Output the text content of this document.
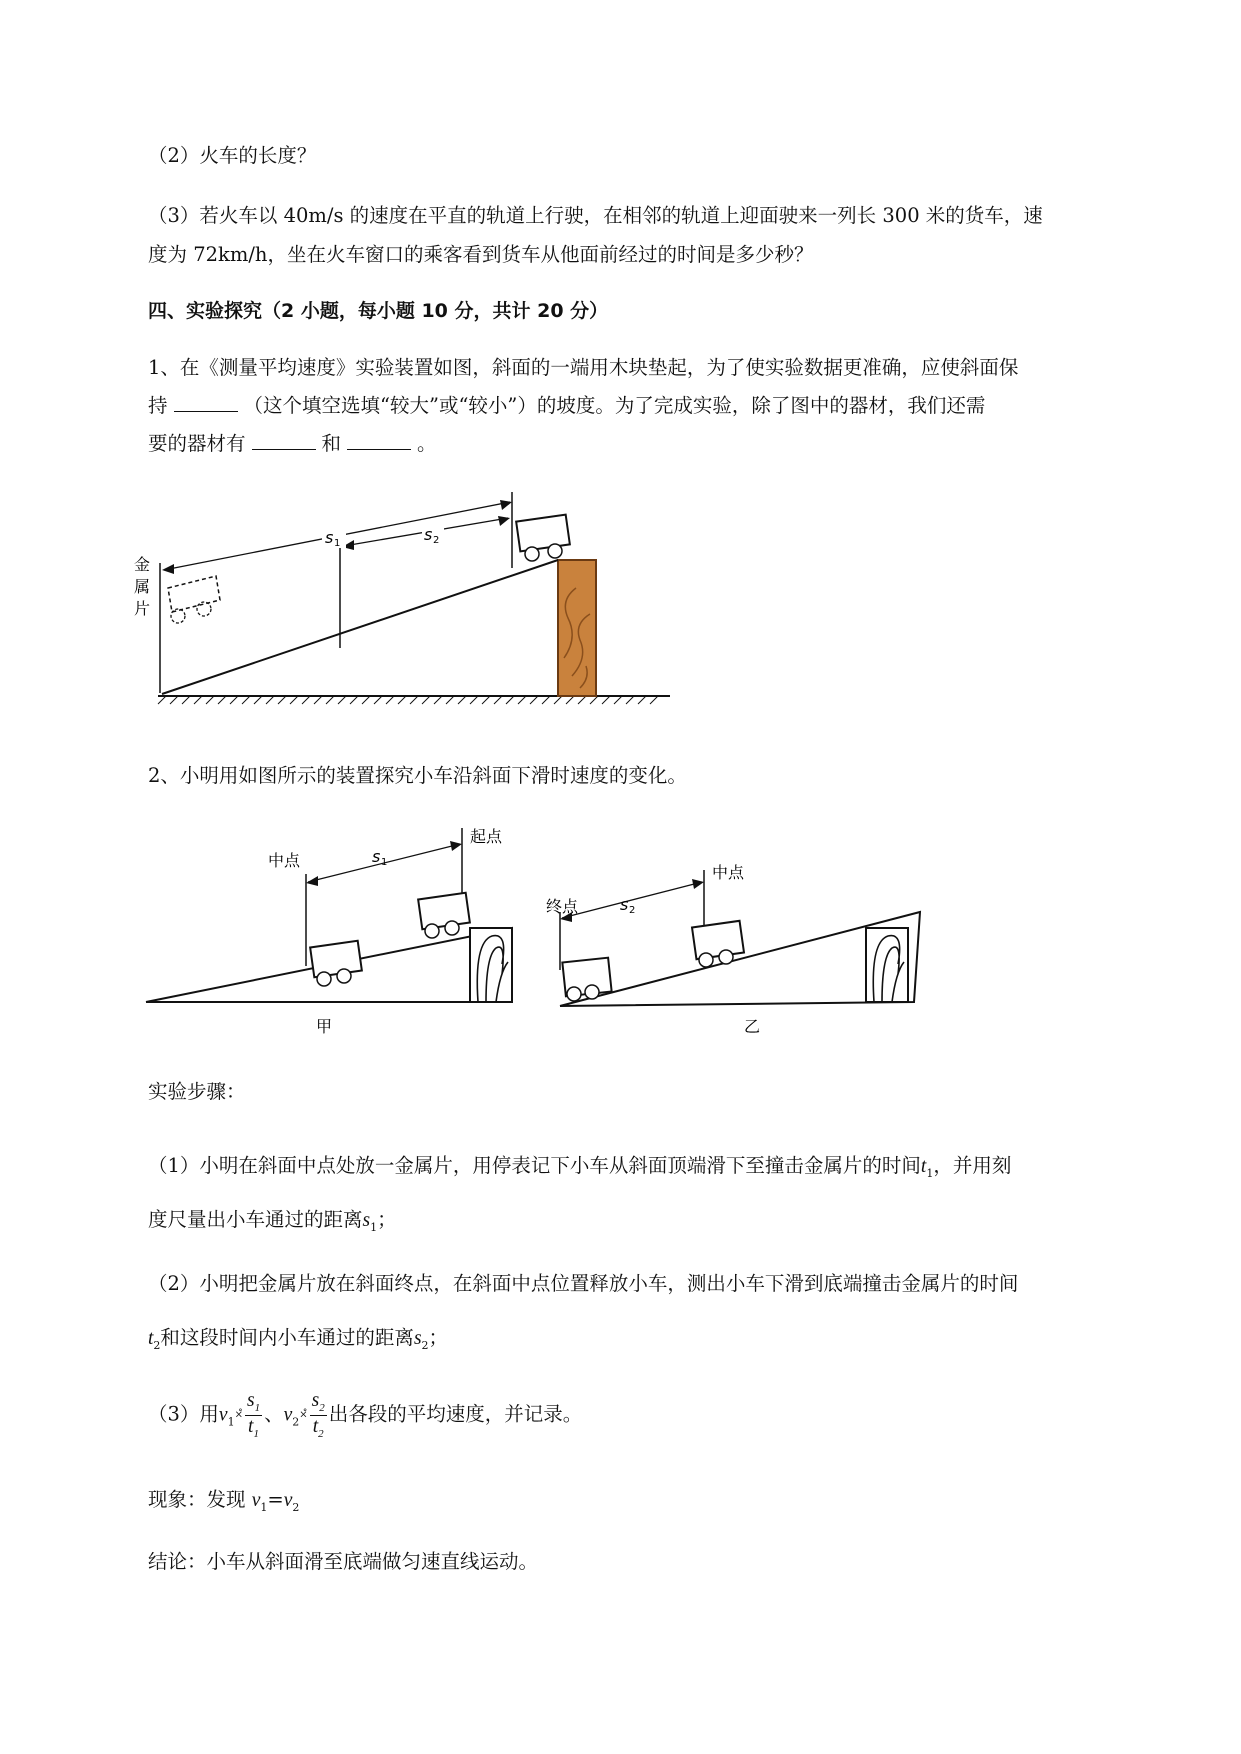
（2）火车的长度？
（3）若火车以 40m/s 的速度在平直的轨道上行驶，在相邻的轨道上迎面驶来一列长 300 米的货车，速
度为 72km/h，坐在火车窗口的乘客看到货车从他面前经过的时间是多少秒？
四、实验探究（2 小题，每小题 10 分，共计 20 分）
1、在《测量平均速度》实验装置如图，斜面的一端用木块垫起，为了使实验数据更准确，应使斜面保
持	（这个填空选填“较大”或“较小”）的坡度。为了完成实验，除了图中的器材，我们还需
要的器材有	和	。
s 1	s 2
金
属
片
2、小明用如图所示的装置探究小车沿斜面下滑时速度的变化。
中点
起点
s 1
甲
终点
中点
s 2
乙
实验步骤：
（1）小明在斜面中点处放一金属片，用停表记下小车从斜面顶端滑下至撞击金属片的时间$t_1$，并用刻
度尺量出小车通过的距离$s_1$；
（2）小明把金属片放在斜面终点，在斜面中点位置释放小车，测出小车下滑到底端撞击金属片的时间
$t_2$和这段时间内小车通过的距离$s_2$；
（3）用$v_1\times̊ \frac{s_1}{t_1}$ 、$v_2\times̊ \frac{s_2}{t_2}$ 出各段的平均速度，并记录。
现象：发现 $v_1=v_2$
结论：小车从斜面滑至底端做匀速直线运动。
